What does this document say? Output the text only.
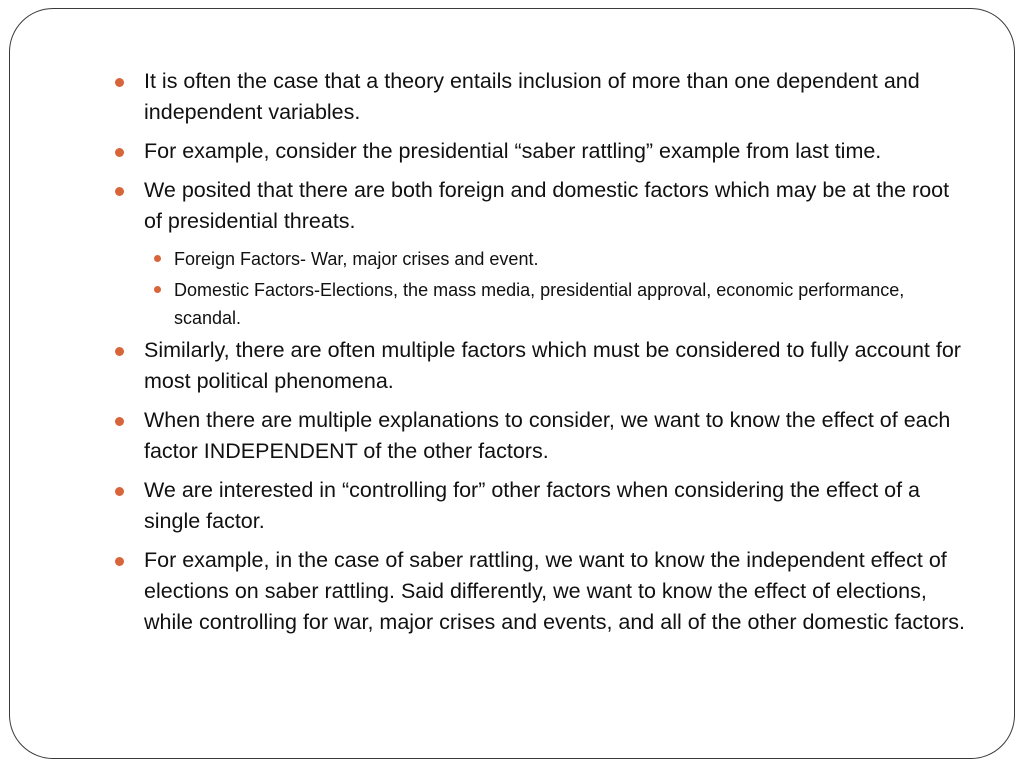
It is often the case that a theory entails inclusion of more than one dependent and independent variables.
For example, consider the presidential “saber rattling” example from last time.
We posited that there are both foreign and domestic factors which may be at the root of presidential threats.
Foreign Factors- War, major crises and event.
Domestic Factors-Elections, the mass media, presidential approval, economic performance, scandal.
Similarly, there are often multiple factors which must be considered to fully account for most political phenomena.
When there are multiple explanations to consider, we want to know the effect of each factor INDEPENDENT of the other factors.
We are interested in “controlling for” other factors when considering the effect of a single factor.
For example, in the case of saber rattling, we want to know the independent effect of elections on saber rattling. Said differently, we want to know the effect of elections, while controlling for war, major crises and events, and all of the other domestic factors.
